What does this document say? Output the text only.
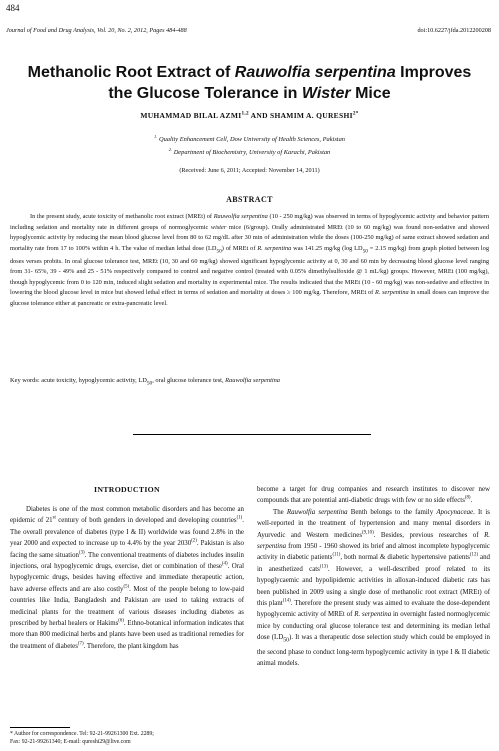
484
Journal of Food and Drug Analysis, Vol. 20, No. 2, 2012, Pages 484-488	doi:10.6227/jfda.2012200208
Methanolic Root Extract of Rauwolfia serpentina Improves
the Glucose Tolerance in Wister Mice
MUHAMMAD BILAL AZMI$^{1,2}$ AND SHAMIM A. $QURESHI^{2*}$
$^{1.}$ Quality Enhancement Cell, Dow University of Health Sciences, Pakistan
$^{2.}$ Department of Biochemistry, University of Karachi, Pakistan
(Received: June 6, 2011; Accepted: November 14, 2011)
ABSTRACT
In the present study, acute toxicity of methanolic root extract (MREt) of Rauwolfia serpentina (10 - 250 mg/kg) was observed in terms of hypoglycemic activity and behavior pattern including sedation and mortality rate in different groups of normoglycemic wister mice (6/group). Orally administrated MREt (10 to 60 mg/kg) was found non-sedative and showed hypoglycemic activity by reducing the mean blood glucose level from 80 to 62 mg/dL after 30 min of administration while the doses (100-250 mg/kg) of same extract showed sedation and mortality rate from 17 to 100% within 4 h. The value of median lethal dose $(LD_{50})$ of MREt of R. serpentina was 141.25 mg/kg (log $LD_{50} = 2.15$ mg/kg) from graph plotted between log doses verses probits. In oral glucose tolerance test, MREt (10, 30 and 60 mg/kg) showed significant hypoglycemic activity at 0, 30 and 60 min by decreasing blood glucose level ranging from 31- 65%, 39 - 49% and 25 - 51% respectively compared to control and negative control (treated with 0.05% dimethylsulfoxide @ 1 mL/kg) groups. However, MREt (100 mg/kg), though hypoglycemic from 0 to 120 min, induced slight sedation and mortality in experimental mice. The results indicated that the MREt (10 - 60 mg/kg) was non-sedative and effective in lowering the blood glucose level in mice but showed lethal effect in terms of sedation and mortality at doses ≥ 100 mg/kg. Therefore, MREt of R. serpentina in small doses can improve the glucose tolerance either at pancreatic or extra-pancreatic level.
Key words: acute toxicity, hypoglycemic activity, $LD_{50}$, oral glucose tolerance test, Rauwolfia serpentina
INTRODUCTION
Diabetes is one of the most common metabolic disorders and has become an epidemic of 21st century of both genders in developed and developing countries$^{(1)}$. The overall prevalence of diabetes (type I & II) worldwide was found 2.8% in the year 2000 and expected to increase up to 4.4% by the year 2030$^{(2)}$. Pakistan is also facing the same situation$^{(3)}$. The conventional treatments of diabetes includes insulin injections, oral hypoglycemic drugs, exercise, diet or combination of these$^{(4)}$. Oral hypoglycemic drugs, besides having effective and immediate therapeutic action, have adverse effects and are also costly$^{(5)}$. Most of the people belong to low-paid countries like India, Bangladesh and Pakistan are used to taking extracts of medicinal plants for the treatment of various diseases including diabetes as prescribed by herbal healers or Hakims$^{(6)}$. Ethno-botanical information indicates that more than 800 medicinal herbs and plants have been used as traditional remedies for the treatment of diabetes$^{(7)}$. Therefore, the plant kingdom has

become a target for drug companies and research institutes to discover new compounds that are potential anti-diabetic drugs with few or no side effects$^{(8)}$.

The Rauwolfia serpentina Benth belongs to the family Apocynaceae. It is well-reported in the treatment of hypertension and many mental disorders in Ayurvedic and Western medicines$^{(9,10)}$. Besides, previous researches of R. serpentina from 1950 - 1960 showed its brief and almost incomplete hypoglycemic activity in diabetic patients$^{(11)}$, both normal & diabetic hypertensive patients$^{(12)}$ and in anesthetized cats$^{(13)}$. However, a well-described proof related to its hypoglycaemic and hypolipidemic activities in alloxan-induced diabetic rats has been published in 2009 using a single dose of methanolic root extract (MREt) of this plant$^{(14)}$. Therefore the present study was aimed to evaluate the dose-dependent hypoglycemic activity of MREt of R. serpentina in overnight fasted normoglycemic mice by conducting oral glucose tolerance test and determining its median lethal dose $(LD_{50})$. It was a therapeutic dose selection study which could be employed in the second phase to conduct long-term hypoglycemic activity in type I & II diabetic animal models.

* Author for correspondence. Tel: 92-21-99261300 Ext. 2289;
Fax: 92-21-99261340; E-mail: qureshi29@live.com
